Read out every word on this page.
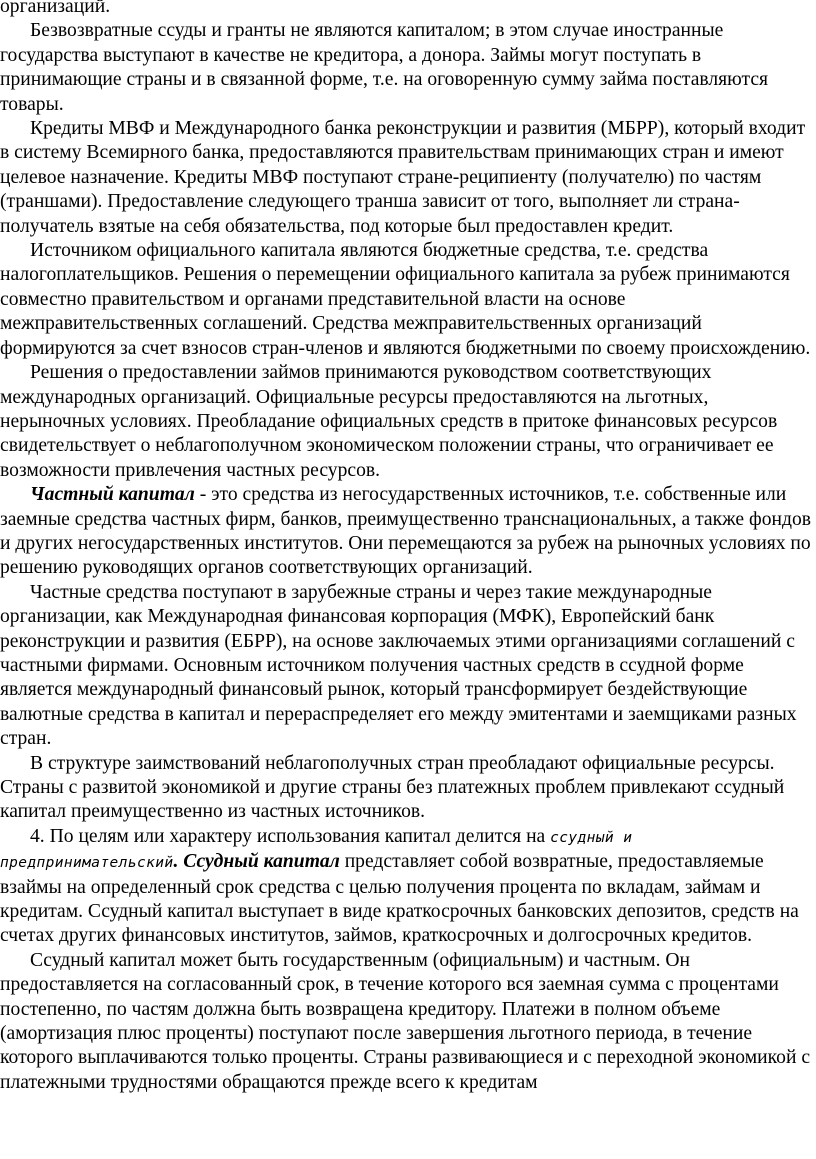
организаций.

Безвозвратные ссуды и гранты не являются капиталом; в этом случае иностранные государства выступают в качестве не кредитора, а донора. Займы могут поступать в принимающие страны и в связанной форме, т.е. на оговоренную сумму займа поставляются товары.

Кредиты МВФ и Международного банка реконструкции и развития (МБРР), который входит в систему Всемирного банка, предоставляются правительствам принимающих стран и имеют целевое назначение. Кредиты МВФ поступают стране-реципиенту (получателю) по частям (траншами). Предоставление следующего транша зависит от того, выполняет ли страна-получатель взятые на себя обязательства, под которые был предоставлен кредит.

Источником официального капитала являются бюджетные средства, т.е. средства налогоплательщиков. Решения о перемещении официального капитала за рубеж принимаются совместно правительством и органами представительной власти на основе межправительственных соглашений. Средства межправительственных организаций формируются за счет взносов стран-членов и являются бюджетными по своему происхождению.

Решения о предоставлении займов принимаются руководством соответствующих международных организаций. Официальные ресурсы предоставляются на льготных, нерыночных условиях. Преобладание официальных средств в притоке финансовых ресурсов свидетельствует о неблагополучном экономическом положении страны, что ограничивает ее возможности привлечения частных ресурсов.

Частный капитал - это средства из негосударственных источников, т.е. собственные или заемные средства частных фирм, банков, преимущественно транснациональных, а также фондов и других негосударственных институтов. Они перемещаются за рубеж на рыночных условиях по решению руководящих органов соответствующих организаций.

Частные средства поступают в зарубежные страны и через такие международные организации, как Международная финансовая корпорация (МФК), Европейский банк реконструкции и развития (ЕБРР), на основе заключаемых этими организациями соглашений с частными фирмами. Основным источником получения частных средств в ссудной форме является международный финансовый рынок, который трансформирует бездействующие валютные средства в капитал и перераспределяет его между эмитентами и заемщиками разных стран.

В структуре заимствований неблагополучных стран преобладают официальные ресурсы. Страны с развитой экономикой и другие страны без платежных проблем привлекают ссудный капитал преимущественно из частных источников.

4. По целям или характеру использования капитал делится на ссудный и предпринимательский. Ссудный капитал представляет собой возвратные, предоставляемые взаймы на определенный срок средства с целью получения процента по вкладам, займам и кредитам. Ссудный капитал выступает в виде краткосрочных банковских депозитов, средств на счетах других финансовых институтов, займов, краткосрочных и долгосрочных кредитов.

Ссудный капитал может быть государственным (официальным) и частным. Он предоставляется на согласованный срок, в течение которого вся заемная сумма с процентами постепенно, по частям должна быть возвращена кредитору. Платежи в полном объеме (амортизация плюс проценты) поступают после завершения льготного периода, в течение которого выплачиваются только проценты. Страны развивающиеся и с переходной экономикой с платежными трудностями обращаются прежде всего к кредитам
